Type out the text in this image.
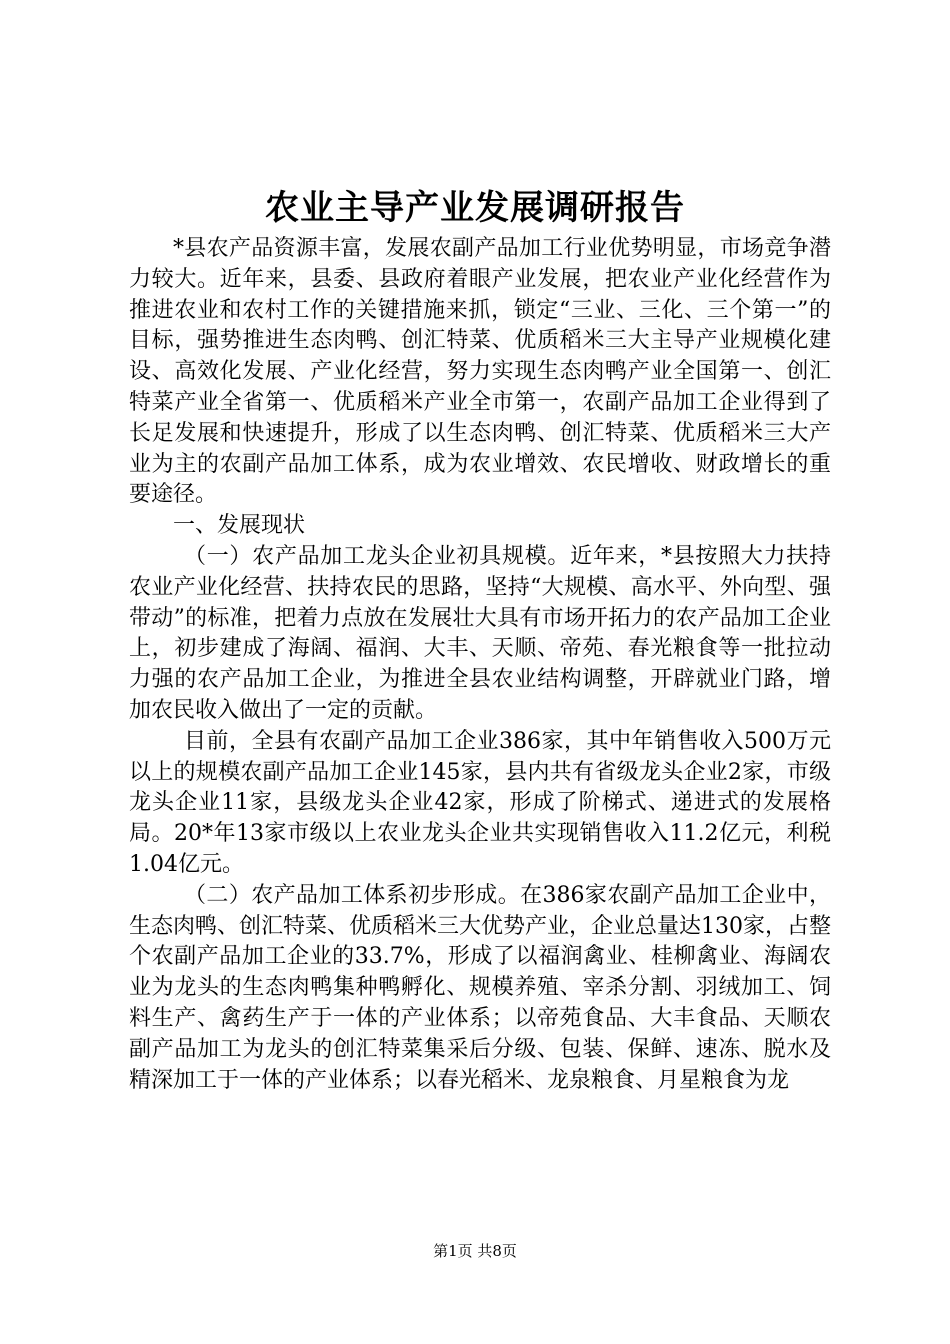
农业主导产业发展调研报告

*县农产品资源丰富，发展农副产品加工行业优势明显，市场竞争潜力较大。近年来，县委、县政府着眼产业发展，把农业产业化经营作为推进农业和农村工作的关键措施来抓，锁定“三业、三化、三个第一”的目标，强势推进生态肉鸭、创汇特菜、优质稻米三大主导产业规模化建设、高效化发展、产业化经营，努力实现生态肉鸭产业全国第一、创汇特菜产业全省第一、优质稻米产业全市第一，农副产品加工企业得到了长足发展和快速提升，形成了以生态肉鸭、创汇特菜、优质稻米三大产业为主的农副产品加工体系，成为农业增效、农民增收、财政增长的重要途径。

一、发展现状

（一）农产品加工龙头企业初具规模。近年来，*县按照大力扶持农业产业化经营、扶持农民的思路，坚持“大规模、高水平、外向型、强带动”的标准，把着力点放在发展壮大具有市场开拓力的农产品加工企业上，初步建成了海阔、福润、大丰、天顺、帝苑、春光粮食等一批拉动力强的农产品加工企业，为推进全县农业结构调整，开辟就业门路，增加农民收入做出了一定的贡献。

目前，全县有农副产品加工企业386家，其中年销售收入500万元以上的规模农副产品加工企业145家，县内共有省级龙头企业2家，市级龙头企业11家，县级龙头企业42家，形成了阶梯式、递进式的发展格局。20*年13家市级以上农业龙头企业共实现销售收入11.2亿元，利税1.04亿元。

（二）农产品加工体系初步形成。在386家农副产品加工企业中，生态肉鸭、创汇特菜、优质稻米三大优势产业，企业总量达130家，占整个农副产品加工企业的33.7%，形成了以福润禽业、桂柳禽业、海阔农业为龙头的生态肉鸭集种鸭孵化、规模养殖、宰杀分割、羽绒加工、饲料生产、禽药生产于一体的产业体系；以帝苑食品、大丰食品、天顺农副产品加工为龙头的创汇特菜集采后分级、包装、保鲜、速冻、脱水及精深加工于一体的产业体系；以春光稻米、龙泉粮食、月星粮食为龙

第1页 共8页
